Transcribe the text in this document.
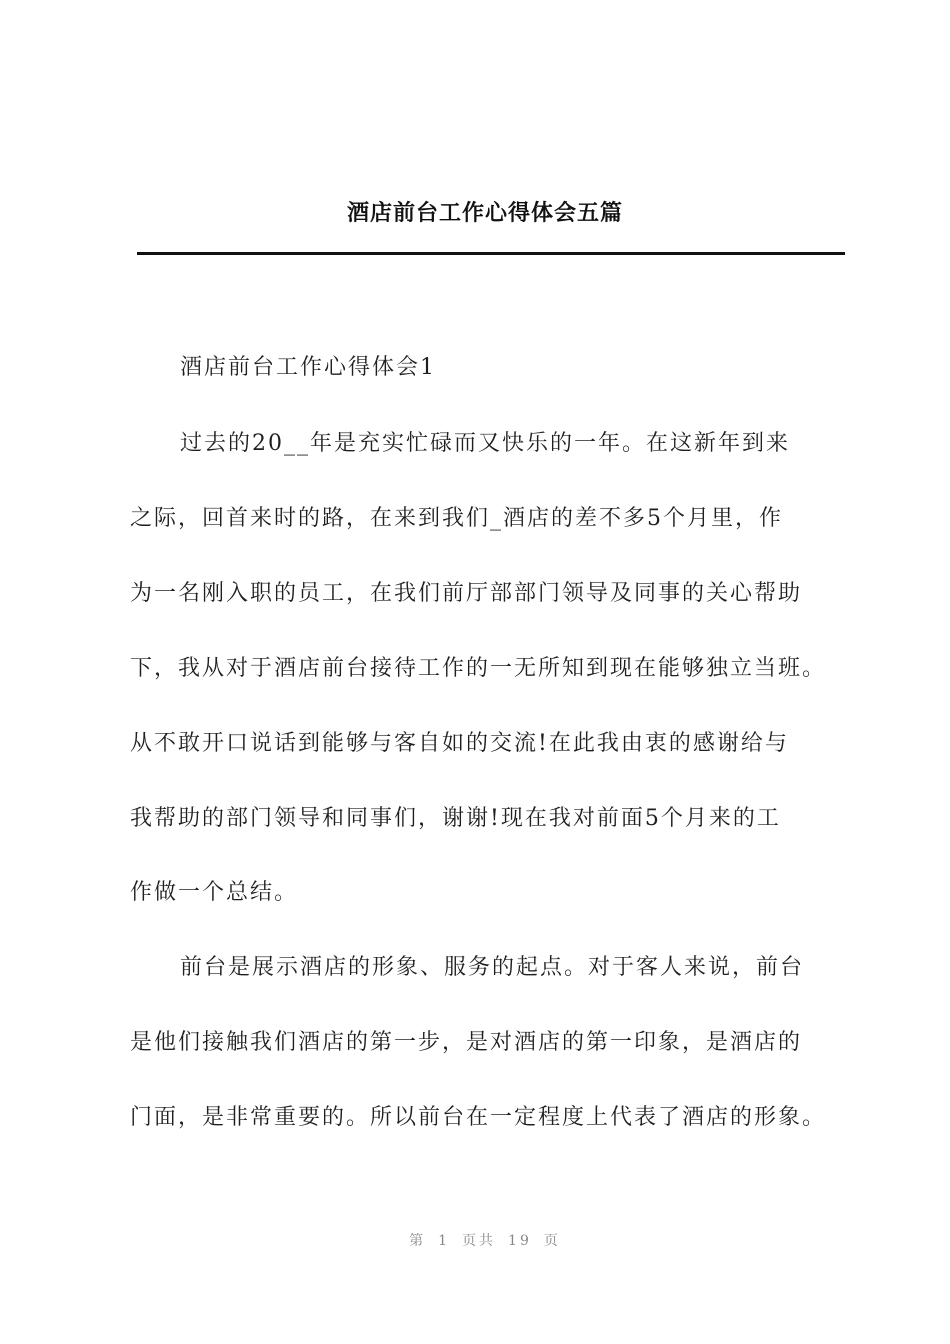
酒店前台工作心得体会五篇
酒店前台工作心得体会1
过去的20__年是充实忙碌而又快乐的一年。在这新年到来
之际，回首来时的路，在来到我们_酒店的差不多5个月里，作
为一名刚入职的员工，在我们前厅部部门领导及同事的关心帮助
下，我从对于酒店前台接待工作的一无所知到现在能够独立当班。
从不敢开口说话到能够与客自如的交流!在此我由衷的感谢给与
我帮助的部门领导和同事们，谢谢!现在我对前面5个月来的工
作做一个总结。
前台是展示酒店的形象、服务的起点。对于客人来说，前台
是他们接触我们酒店的第一步，是对酒店的第一印象，是酒店的
门面，是非常重要的。所以前台在一定程度上代表了酒店的形象。
第 1 页共 19 页
